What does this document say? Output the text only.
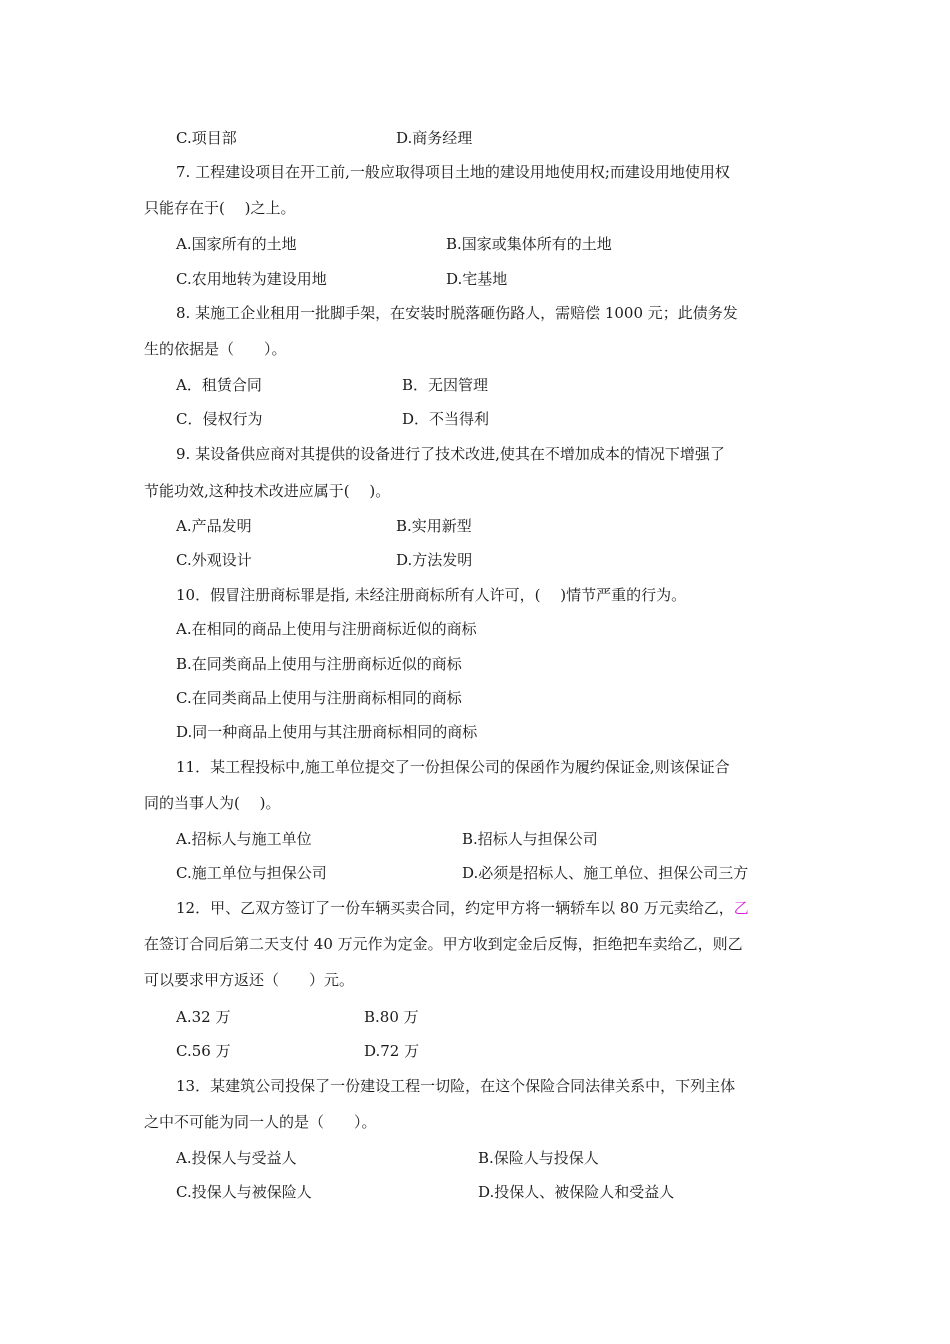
C.项目部	D.商务经理
7. 工程建设项目在开工前,一般应取得项目土地的建设用地使用权;而建设用地使用权
只能存在于(　 )之上。
A.国家所有的土地	B.国家或集体所有的土地
C.农用地转为建设用地	D.宅基地
8. 某施工企业租用一批脚手架，在安装时脱落砸伤路人，需赔偿 1000 元；此债务发
生的依据是（　　）。
A．租赁合同	B．无因管理
C．侵权行为	D．不当得利
9. 某设备供应商对其提供的设备进行了技术改进,使其在不增加成本的情况下增强了
节能功效,这种技术改进应属于(　 )。
A.产品发明	B.实用新型
C.外观设计	D.方法发明
10．假冒注册商标罪是指, 未经注册商标所有人许可，(　 )情节严重的行为。
A.在相同的商品上使用与注册商标近似的商标
B.在同类商品上使用与注册商标近似的商标
C.在同类商品上使用与注册商标相同的商标
D.同一种商品上使用与其注册商标相同的商标
11．某工程投标中,施工单位提交了一份担保公司的保函作为履约保证金,则该保证合
同的当事人为(　 )。
A.招标人与施工单位	B.招标人与担保公司
C.施工单位与担保公司	D.必须是招标人、施工单位、担保公司三方
12．甲、乙双方签订了一份车辆买卖合同，约定甲方将一辆轿车以 80 万元卖给乙，乙
在签订合同后第二天支付 40 万元作为定金。甲方收到定金后反悔，拒绝把车卖给乙，则乙
可以要求甲方返还（　　）元。
A.32 万	B.80 万
C.56 万	D.72 万
13．某建筑公司投保了一份建设工程一切险，在这个保险合同法律关系中，下列主体
之中不可能为同一人的是（　　）。
A.投保人与受益人	B.保险人与投保人
C.投保人与被保险人	D.投保人、被保险人和受益人
